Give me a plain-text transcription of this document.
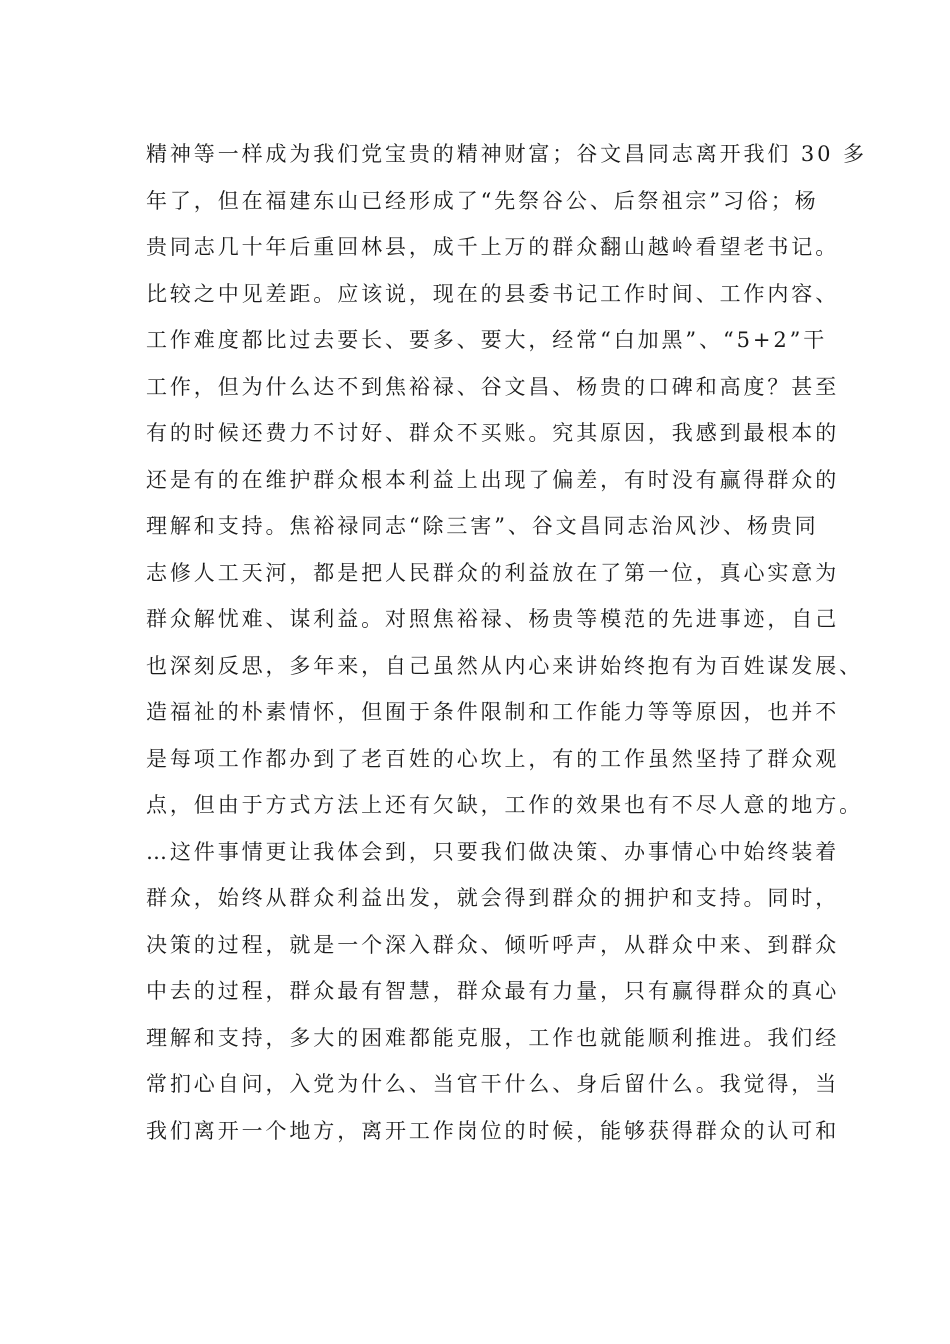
精神等一样成为我们党宝贵的精神财富；谷文昌同志离开我们 30 多
年了，但在福建东山已经形成了“先祭谷公、后祭祖宗”习俗；杨
贵同志几十年后重回林县，成千上万的群众翻山越岭看望老书记。
比较之中见差距。应该说，现在的县委书记工作时间、工作内容、
工作难度都比过去要长、要多、要大，经常“白加黑”、“5+2”干
工作，但为什么达不到焦裕禄、谷文昌、杨贵的口碑和高度？甚至
有的时候还费力不讨好、群众不买账。究其原因，我感到最根本的
还是有的在维护群众根本利益上出现了偏差，有时没有赢得群众的
理解和支持。焦裕禄同志“除三害”、谷文昌同志治风沙、杨贵同
志修人工天河，都是把人民群众的利益放在了第一位，真心实意为
群众解忧难、谋利益。对照焦裕禄、杨贵等模范的先进事迹，自己
也深刻反思，多年来，自己虽然从内心来讲始终抱有为百姓谋发展、
造福祉的朴素情怀，但囿于条件限制和工作能力等等原因，也并不
是每项工作都办到了老百姓的心坎上，有的工作虽然坚持了群众观
点，但由于方式方法上还有欠缺，工作的效果也有不尽人意的地方。
…这件事情更让我体会到，只要我们做决策、办事情心中始终装着
群众，始终从群众利益出发，就会得到群众的拥护和支持。同时，
决策的过程，就是一个深入群众、倾听呼声，从群众中来、到群众
中去的过程，群众最有智慧，群众最有力量，只有赢得群众的真心
理解和支持，多大的困难都能克服，工作也就能顺利推进。我们经
常扪心自问，入党为什么、当官干什么、身后留什么。我觉得，当
我们离开一个地方，离开工作岗位的时候，能够获得群众的认可和
